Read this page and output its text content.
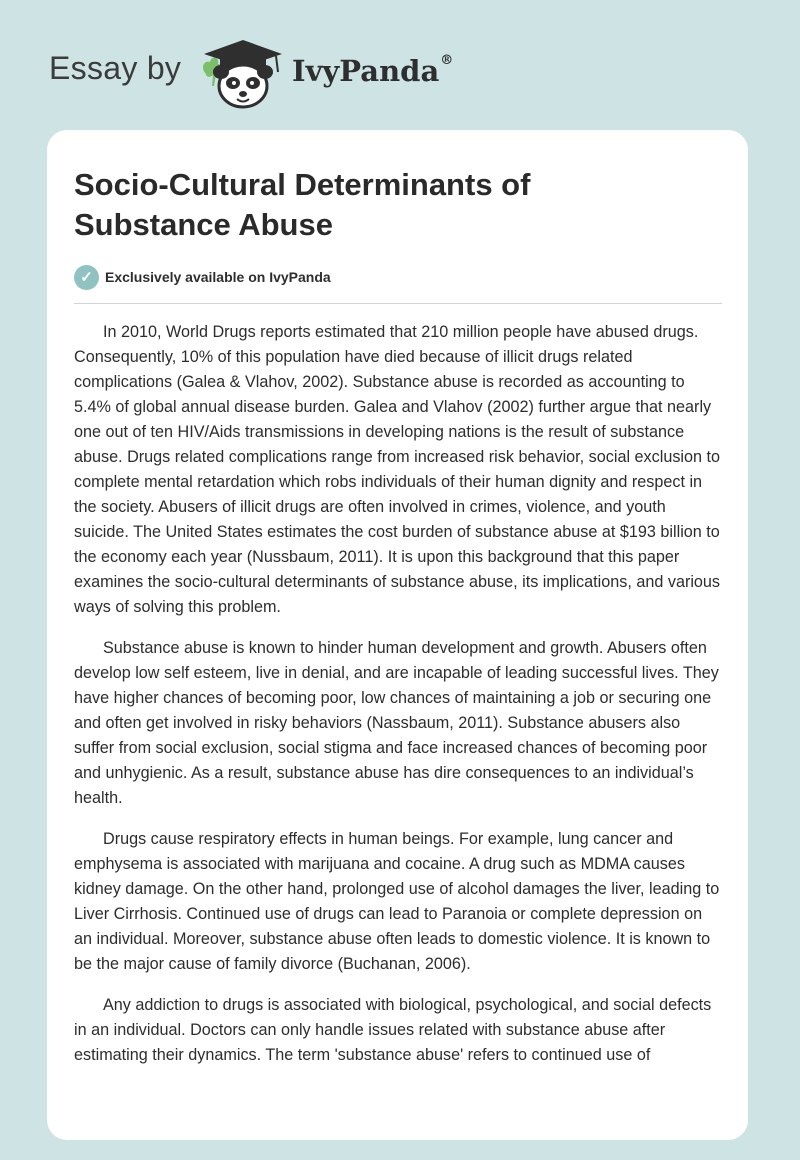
Essay by	IvyPanda®
Socio-Cultural Determinants of Substance Abuse
✓ Exclusively available on IvyPanda

In 2010, World Drugs reports estimated that 210 million people have abused drugs. Consequently, 10% of this population have died because of illicit drugs related complications (Galea & Vlahov, 2002). Substance abuse is recorded as accounting to 5.4% of global annual disease burden. Galea and Vlahov (2002) further argue that nearly one out of ten HIV/Aids transmissions in developing nations is the result of substance abuse. Drugs related complications range from increased risk behavior, social exclusion to complete mental retardation which robs individuals of their human dignity and respect in the society. Abusers of illicit drugs are often involved in crimes, violence, and youth suicide. The United States estimates the cost burden of substance abuse at $193 billion to the economy each year (Nussbaum, 2011). It is upon this background that this paper examines the socio-cultural determinants of substance abuse, its implications, and various ways of solving this problem.

Substance abuse is known to hinder human development and growth. Abusers often develop low self esteem, live in denial, and are incapable of leading successful lives. They have higher chances of becoming poor, low chances of maintaining a job or securing one and often get involved in risky behaviors (Nassbaum, 2011). Substance abusers also suffer from social exclusion, social stigma and face increased chances of becoming poor and unhygienic. As a result, substance abuse has dire consequences to an individual’s health.

Drugs cause respiratory effects in human beings. For example, lung cancer and emphysema is associated with marijuana and cocaine. A drug such as MDMA causes kidney damage. On the other hand, prolonged use of alcohol damages the liver, leading to Liver Cirrhosis. Continued use of drugs can lead to Paranoia or complete depression on an individual. Moreover, substance abuse often leads to domestic violence. It is known to be the major cause of family divorce (Buchanan, 2006).

Any addiction to drugs is associated with biological, psychological, and social defects in an individual. Doctors can only handle issues related with substance abuse after estimating their dynamics. The term 'substance abuse' refers to continued use of
